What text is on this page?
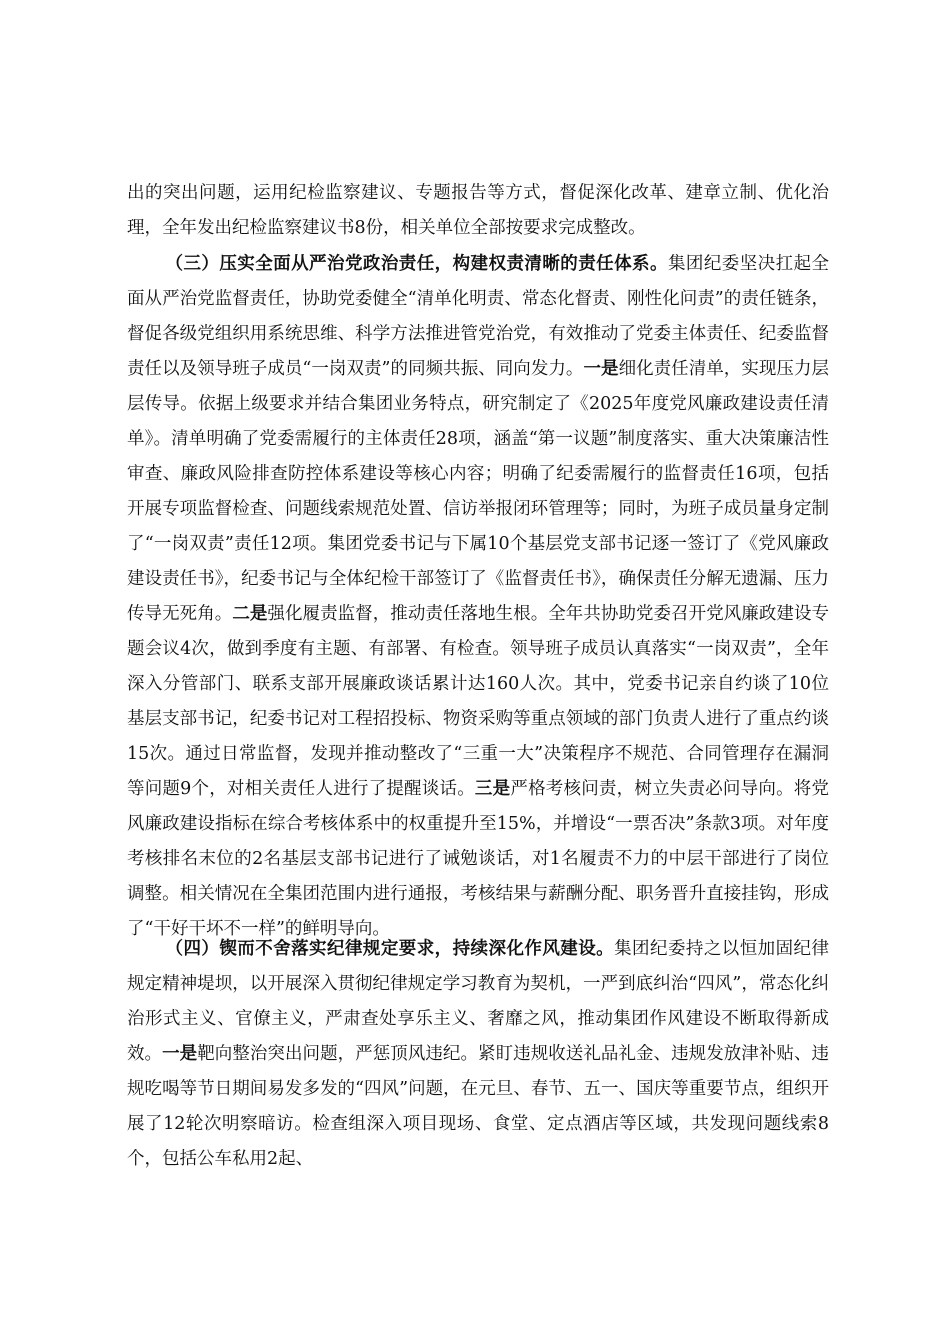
出的突出问题，运用纪检监察建议、专题报告等方式，督促深化改革、建章立制、优化治理，全年发出纪检监察建议书8份，相关单位全部按要求完成整改。

（三）压实全面从严治党政治责任，构建权责清晰的责任体系。集团纪委坚决扛起全面从严治党监督责任，协助党委健全“清单化明责、常态化督责、刚性化问责”的责任链条，督促各级党组织用系统思维、科学方法推进管党治党，有效推动了党委主体责任、纪委监督责任以及领导班子成员“一岗双责”的同频共振、同向发力。一是细化责任清单，实现压力层层传导。依据上级要求并结合集团业务特点，研究制定了《2025年度党风廉政建设责任清单》。清单明确了党委需履行的主体责任28项，涵盖“第一议题”制度落实、重大决策廉洁性审查、廉政风险排查防控体系建设等核心内容；明确了纪委需履行的监督责任16项，包括开展专项监督检查、问题线索规范处置、信访举报闭环管理等；同时，为班子成员量身定制了“一岗双责”责任12项。集团党委书记与下属10个基层党支部书记逐一签订了《党风廉政建设责任书》，纪委书记与全体纪检干部签订了《监督责任书》，确保责任分解无遗漏、压力传导无死角。二是强化履责监督，推动责任落地生根。全年共协助党委召开党风廉政建设专题会议4次，做到季度有主题、有部署、有检查。领导班子成员认真落实“一岗双责”，全年深入分管部门、联系支部开展廉政谈话累计达160人次。其中，党委书记亲自约谈了10位基层支部书记，纪委书记对工程招投标、物资采购等重点领域的部门负责人进行了重点约谈15次。通过日常监督，发现并推动整改了“三重一大”决策程序不规范、合同管理存在漏洞等问题9个，对相关责任人进行了提醒谈话。三是严格考核问责，树立失责必问导向。将党风廉政建设指标在综合考核体系中的权重提升至15%，并增设“一票否决”条款3项。对年度考核排名末位的2名基层支部书记进行了诫勉谈话，对1名履责不力的中层干部进行了岗位调整。相关情况在全集团范围内进行通报，考核结果与薪酬分配、职务晋升直接挂钩，形成了“干好干坏不一样”的鲜明导向。

（四）锲而不舍落实纪律规定要求，持续深化作风建设。集团纪委持之以恒加固纪律规定精神堤坝，以开展深入贯彻纪律规定学习教育为契机，一严到底纠治“四风”，常态化纠治形式主义、官僚主义，严肃查处享乐主义、奢靡之风，推动集团作风建设不断取得新成效。一是靶向整治突出问题，严惩顶风违纪。紧盯违规收送礼品礼金、违规发放津补贴、违规吃喝等节日期间易发多发的“四风”问题，在元旦、春节、五一、国庆等重要节点，组织开展了12轮次明察暗访。检查组深入项目现场、食堂、定点酒店等区域，共发现问题线索8个，包括公车私用2起、
